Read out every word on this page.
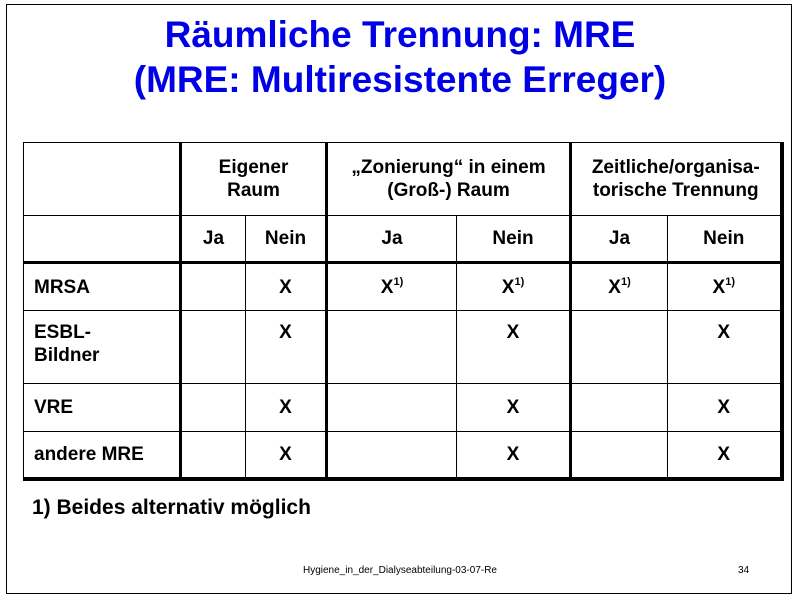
Räumliche Trennung: MRE
(MRE: Multiresistente Erreger)
	Eigener Raum		„Zonierung“ in einem (Groß-) Raum		Zeitliche/organisa-torische Trennung	
	Ja	Nein	Ja	Nein	Ja	Nein
MRSA		X	$X^{1)}$	$X^{1)}$	$X^{1)}$	$X^{1)}$
ESBL-Bildner		X		X		X
VRE		X		X		X
andere MRE		X		X		X
1) Beides alternativ möglich
Hygiene_in_der_Dialyseabteilung-03-07-Re	34
